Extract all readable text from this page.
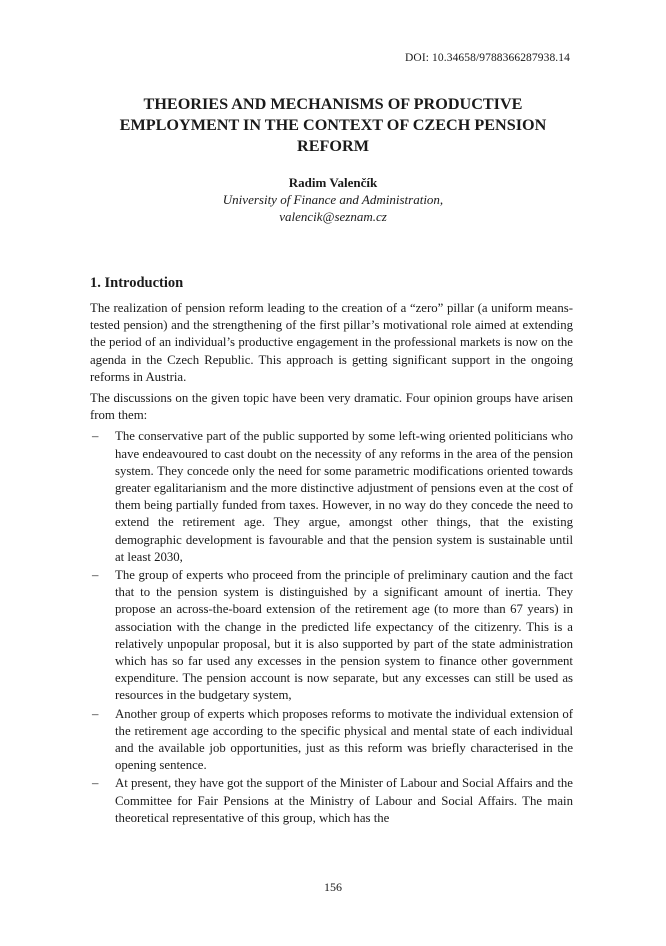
DOI: 10.34658/9788366287938.14
THEORIES AND MECHANISMS OF PRODUCTIVE EMPLOYMENT IN THE CONTEXT OF CZECH PENSION REFORM
Radim Valenčík
University of Finance and Administration,
valencik@seznam.cz
1. Introduction

The realization of pension reform leading to the creation of a “zero” pillar (a uniform means-tested pension) and the strengthening of the first pillar’s motivational role aimed at extending the period of an individual’s productive engagement in the professional markets is now on the agenda in the Czech Republic. This approach is getting significant support in the ongoing reforms in Austria.

The discussions on the given topic have been very dramatic. Four opinion groups have arisen from them:

– The conservative part of the public supported by some left-wing oriented politicians who have endeavoured to cast doubt on the necessity of any reforms in the area of the pension system. They concede only the need for some parametric modifications oriented towards greater egalitarianism and the more distinctive adjustment of pensions even at the cost of them being partially funded from taxes. However, in no way do they concede the need to extend the retirement age. They argue, amongst other things, that the existing demographic development is favourable and that the pension system is sustainable until at least 2030,
– The group of experts who proceed from the principle of preliminary caution and the fact that to the pension system is distinguished by a significant amount of inertia. They propose an across-the-board extension of the retirement age (to more than 67 years) in association with the change in the predicted life expectancy of the citizenry. This is a relatively unpopular proposal, but it is also supported by part of the state administration which has so far used any excesses in the pension system to finance other government expenditure. The pension account is now separate, but any excesses can still be used as resources in the budgetary system,
– Another group of experts which proposes reforms to motivate the individual extension of the retirement age according to the specific physical and mental state of each individual and the available job opportunities, just as this reform was briefly characterised in the opening sentence.
– At present, they have got the support of the Minister of Labour and Social Affairs and the Committee for Fair Pensions at the Ministry of Labour and Social Affairs. The main theoretical representative of this group, which has the
156
